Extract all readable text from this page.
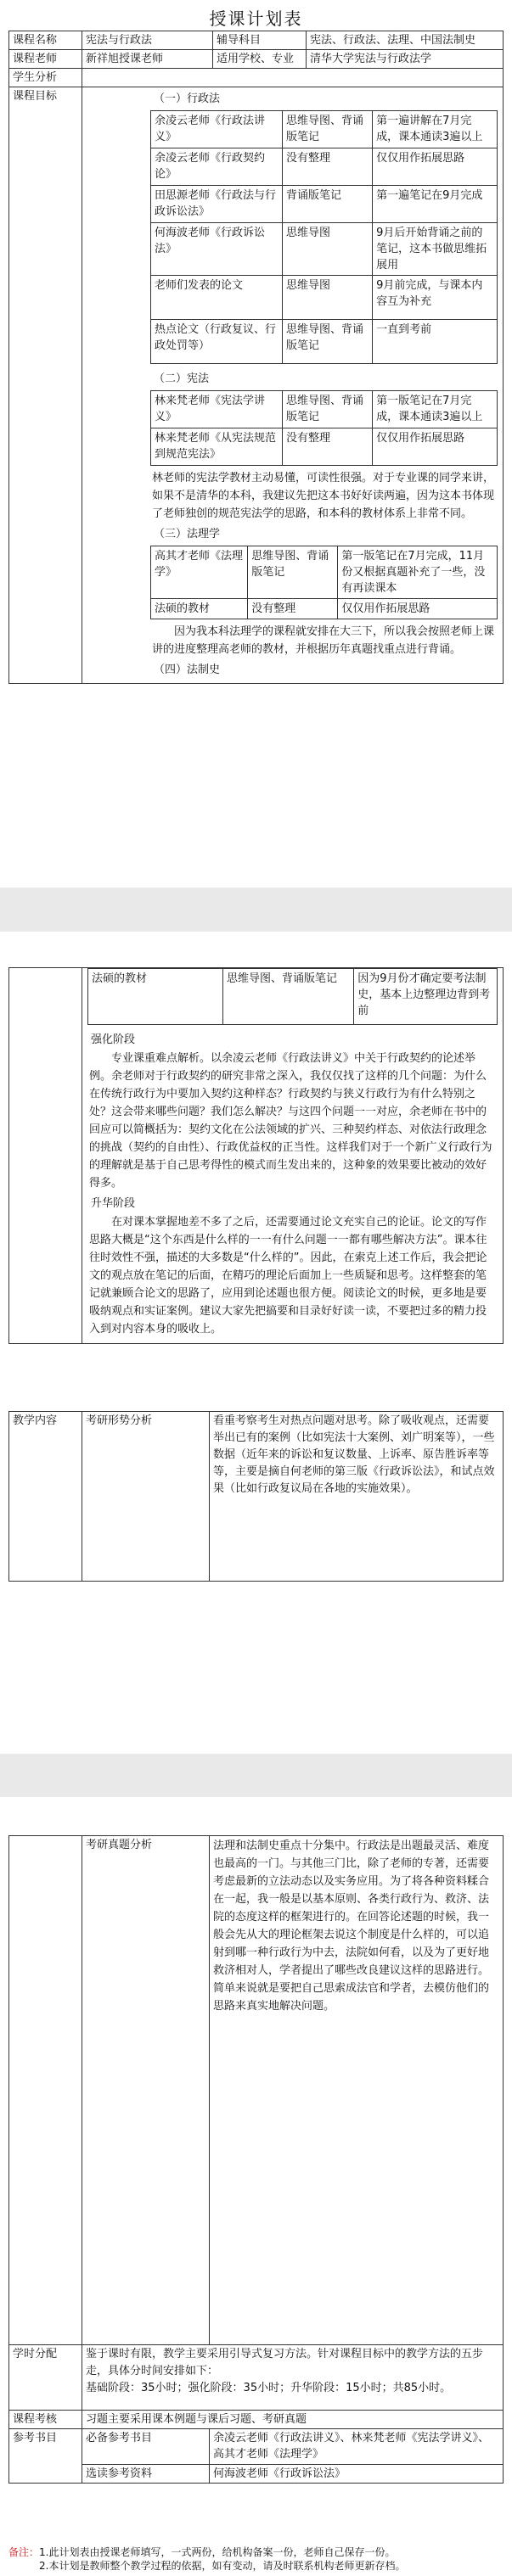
授课计划表
课程名称	宪法与行政法	辅导科目	宪法、行政法、法理、中国法制史
课程老师	新祥旭授课老师	适用学校、专业	清华大学宪法与行政法学
学生分析	
课程目标	（一）行政法
余凌云老师《行政法讲义》	思维导图、背诵版笔记	第一遍讲解在7月完成，课本通读3遍以上
余凌云老师《行政契约论》	没有整理	仅仅用作拓展思路
田思源老师《行政法与行政诉讼法》	背诵版笔记	第一遍笔记在9月完成
何海波老师《行政诉讼法》	思维导图	9月后开始背诵之前的笔记，这本书做思维拓展用
老师们发表的论文	思维导图	9月前完成，与课本内容互为补充
热点论文（行政复议、行政处罚等）	思维导图、背诵版笔记	一直到考前
（二）宪法
林来梵老师《宪法学讲义》	思维导图、背诵版笔记	第一版笔记在7月完成，课本通读3遍以上
林来梵老师《从宪法规范到规范宪法》	没有整理	仅仅用作拓展思路

林老师的宪法学教材主动易懂，可读性很强。对于专业课的同学来讲，如果不是清华的本科，我建议先把这本书好好读两遍，因为这本书体现了老师独创的规范宪法学的思路，和本科的教材体系上非常不同。

（三）法理学
高其才老师《法理学》	思维导图、背诵版笔记	第一版笔记在7月完成，11月份又根据真题补充了一些，没有再读课本
法硕的教材	没有整理	仅仅用作拓展思路

因为我本科法理学的课程就安排在大三下，所以我会按照老师上课讲的进度整理高老师的教材，并根据历年真题找重点进行背诵。

（四）法制史

法硕的教材	思维导图、背诵版笔记	因为9月份才确定要考法制史，基本上边整理边背到考前
强化阶段

专业课重难点解析。以余凌云老师《行政法讲义》中关于行政契约的论述举例。余老师对于行政契约的研究非常之深入，我仅仅找了这样的几个问题：为什么在传统行政行为中要加入契约这种样态？行政契约与狭义行政行为有什么特别之处？这会带来哪些问题？我们怎么解决？与这四个问题一一对应，余老师在书中的回应可以简概括为：契约文化在公法领域的扩兴、三种契约样态、对依法行政理念的挑战（契约的自由性）、行政优益权的正当性。这样我们对于一个新广义行政行为的理解就是基于自己思考得性的模式而生发出来的，这种象的效果要比被动的效好得多。

升华阶段

在对课本掌握地差不多了之后，还需要通过论文充实自己的论证。论文的写作思路大概是“这个东西是什么样的一一有什么问题一一都有哪些解决方法”。课本往往时效性不强，描述的大多数是“什么样的”。因此，在索克上述工作后，我会把论文的观点放在笔记的后面，在精巧的理论后面加上一些质疑和思考。这样整套的笔记就兼顾合论文的思路了，应用到论述题也很方便。阅读论文的时候，更多地是要吸纳观点和实证案例。建议大家先把搞要和目录好好读一读，不要把过多的精力投入到对内容本身的吸收上。

教学内容	考研形势分析	看重考察考生对热点问题对思考。除了吸收观点，还需要举出已有的案例（比如宪法十大案例、刘广明案等），一些数据（近年来的诉讼和复议数量、上诉率、原告胜诉率等等，主要是摘自何老师的第三版《行政诉讼法》，和试点效果（比如行政复议局在各地的实施效果）。
	考研真题分析	法理和法制史重点十分集中。行政法是出题最灵活、难度也最高的一门。与其他三门比，除了老师的专著，还需要考虑最新的立法动态以及实务应用。为了将各种资料糅合在一起，我一般是以基本原则、各类行政行为、救济、法院的态度这样的框架进行的。在回答论述题的时候，我一般会先从大的理论框架去说这个制度是什么样的，可以追射到哪一种行政行为中去，法院如何看，以及为了更好地救济相对人，学者提出了哪些改良建议这样的思路进行。简单来说就是要把自己思索成法官和学者，去模仿他们的思路来真实地解决问题。
学时分配	鉴于课时有限，教学主要采用引导式复习方法。针对课程目标中的教学方法的五步走，具体分时间安排如下：
基础阶段：35小时；强化阶段：35小时；升华阶段：15小时；共85小时。	

课程考核	习题主要采用课本例题与课后习题、考研真题	
参考书目	必备参考书目	余凌云老师《行政法讲义》、林来梵老师《宪法学讲义》、高其才老师《法理学》
	选读参考资料	何海波老师《行政诉讼法》
备注：1.此计划表由授课老师填写，一式两份，给机构备案一份，老师自己保存一份。
2.本计划是教师整个教学过程的依据，如有变动，请及时联系机构老师更新存档。
